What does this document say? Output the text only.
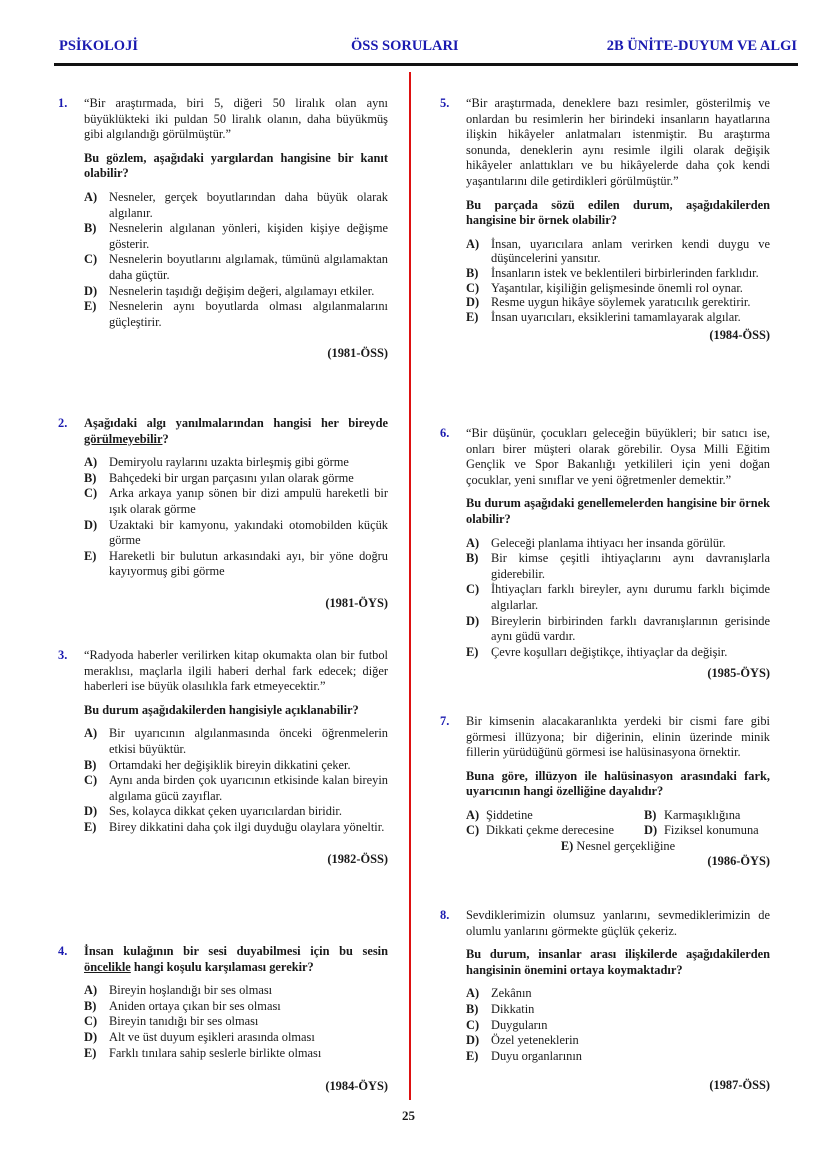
PSİKOLOJİ	ÖSS SORULARI	2B ÜNİTE-DUYUM VE ALGI
1. “Bir araştırmada, biri 5, diğeri 50 liralık olan aynı büyüklükteki iki puldan 50 liralık olanın, daha büyükmüş gibi algılandığı görülmüştür.”
Bu gözlem, aşağıdaki yargılardan hangisine bir kanıt olabilir?
A) Nesneler, gerçek boyutlarından daha büyük olarak algılanır.
B) Nesnelerin algılanan yönleri, kişiden kişiye değişme gösterir.
C) Nesnelerin boyutlarını algılamak, tümünü algılamaktan daha güçtür.
D) Nesnelerin taşıdığı değişim değeri, algılamayı etkiler.
E) Nesnelerin aynı boyutlarda olması algılanmalarını güçleştirir.
(1981-ÖSS)
2. Aşağıdaki algı yanılmalarından hangisi her bireyde görülmeyebilir?
A) Demiryolu raylarını uzakta birleşmiş gibi görme
B) Bahçedeki bir urgan parçasını yılan olarak görme
C) Arka arkaya yanıp sönen bir dizi ampulü hareketli bir ışık olarak görme
D) Uzaktaki bir kamyonu, yakındaki otomobilden küçük görme
E) Hareketli bir bulutun arkasındaki ayı, bir yöne doğru kayıyormuş gibi görme
(1981-ÖYS)
3. “Radyoda haberler verilirken kitap okumakta olan bir futbol meraklısı, maçlarla ilgili haberi derhal fark edecek; diğer haberleri ise büyük olasılıkla fark etmeyecektir.”
Bu durum aşağıdakilerden hangisiyle açıklanabilir?
A) Bir uyarıcının algılanmasında önceki öğrenmelerin etkisi büyüktür.
B) Ortamdaki her değişiklik bireyin dikkatini çeker.
C) Aynı anda birden çok uyarıcının etkisinde kalan bireyin algılama gücü zayıflar.
D) Ses, kolayca dikkat çeken uyarıcılardan biridir.
E) Birey dikkatini daha çok ilgi duyduğu olaylara yöneltir.
(1982-ÖSS)
4. İnsan kulağının bir sesi duyabilmesi için bu sesin öncelikle hangi koşulu karşılaması gerekir?
A) Bireyin hoşlandığı bir ses olması
B) Aniden ortaya çıkan bir ses olması
C) Bireyin tanıdığı bir ses olması
D) Alt ve üst duyum eşikleri arasında olması
E) Farklı tınılara sahip seslerle birlikte olması
(1984-ÖYS)
5. “Bir araştırmada, deneklere bazı resimler, gösterilmiş ve onlardan bu resimlerin her birindeki insanların hayatlarına ilişkin hikâyeler anlatmaları istenmiştir. Bu araştırma sonunda, deneklerin aynı resimle ilgili olarak değişik hikâyeler anlattıkları ve bu hikâyelerde daha çok kendi yaşantılarını dile getirdikleri görülmüştür.”
Bu parçada sözü edilen durum, aşağıdakilerden hangisine bir örnek olabilir?
A) İnsan, uyarıcılara anlam verirken kendi duygu ve düşüncelerini yansıtır.
B) İnsanların istek ve beklentileri birbirlerinden farklıdır.
C) Yaşantılar, kişiliğin gelişmesinde önemli rol oynar.
D) Resme uygun hikâye söylemek yaratıcılık gerektirir.
E) İnsan uyarıcıları, eksiklerini tamamlayarak algılar.
(1984-ÖSS)
6. “Bir düşünür, çocukları geleceğin büyükleri; bir satıcı ise, onları birer müşteri olarak görebilir. Oysa Milli Eğitim Gençlik ve Spor Bakanlığı yetkilileri için yeni doğan çocuklar, yeni sınıflar ve yeni öğretmenler demektir.”
Bu durum aşağıdaki genellemelerden hangisine bir örnek olabilir?
A) Geleceği planlama ihtiyacı her insanda görülür.
B) Bir kimse çeşitli ihtiyaçlarını aynı davranışlarla giderebilir.
C) İhtiyaçları farklı bireyler, aynı durumu farklı biçimde algılarlar.
D) Bireylerin birbirinden farklı davranışlarının gerisinde aynı güdü vardır.
E) Çevre koşulları değiştikçe, ihtiyaçlar da değişir.
(1985-ÖYS)
7. Bir kimsenin alacakaranlıkta yerdeki bir cismi fare gibi görmesi illüzyona; bir diğerinin, elinin üzerinde minik fillerin yürüdüğünü görmesi ise halüsinasyona örnektir.
Buna göre, illüzyon ile halüsinasyon arasındaki fark, uyarıcının hangi özelliğine dayalıdır?
A) Şiddetine	B) Karmaşıklığına
C) Dikkati çekme derecesine	D) Fiziksel konumuna
E) Nesnel gerçekliğine
(1986-ÖYS)
8. Sevdiklerimizin olumsuz yanlarını, sevmediklerimizin de olumlu yanlarını görmekte güçlük çekeriz.
Bu durum, insanlar arası ilişkilerde aşağıdakilerden hangisinin önemini ortaya koymaktadır?
A) Zekânın
B) Dikkatin
C) Duyguların
D) Özel yeteneklerin
E) Duyu organlarının
(1987-ÖSS)
25
